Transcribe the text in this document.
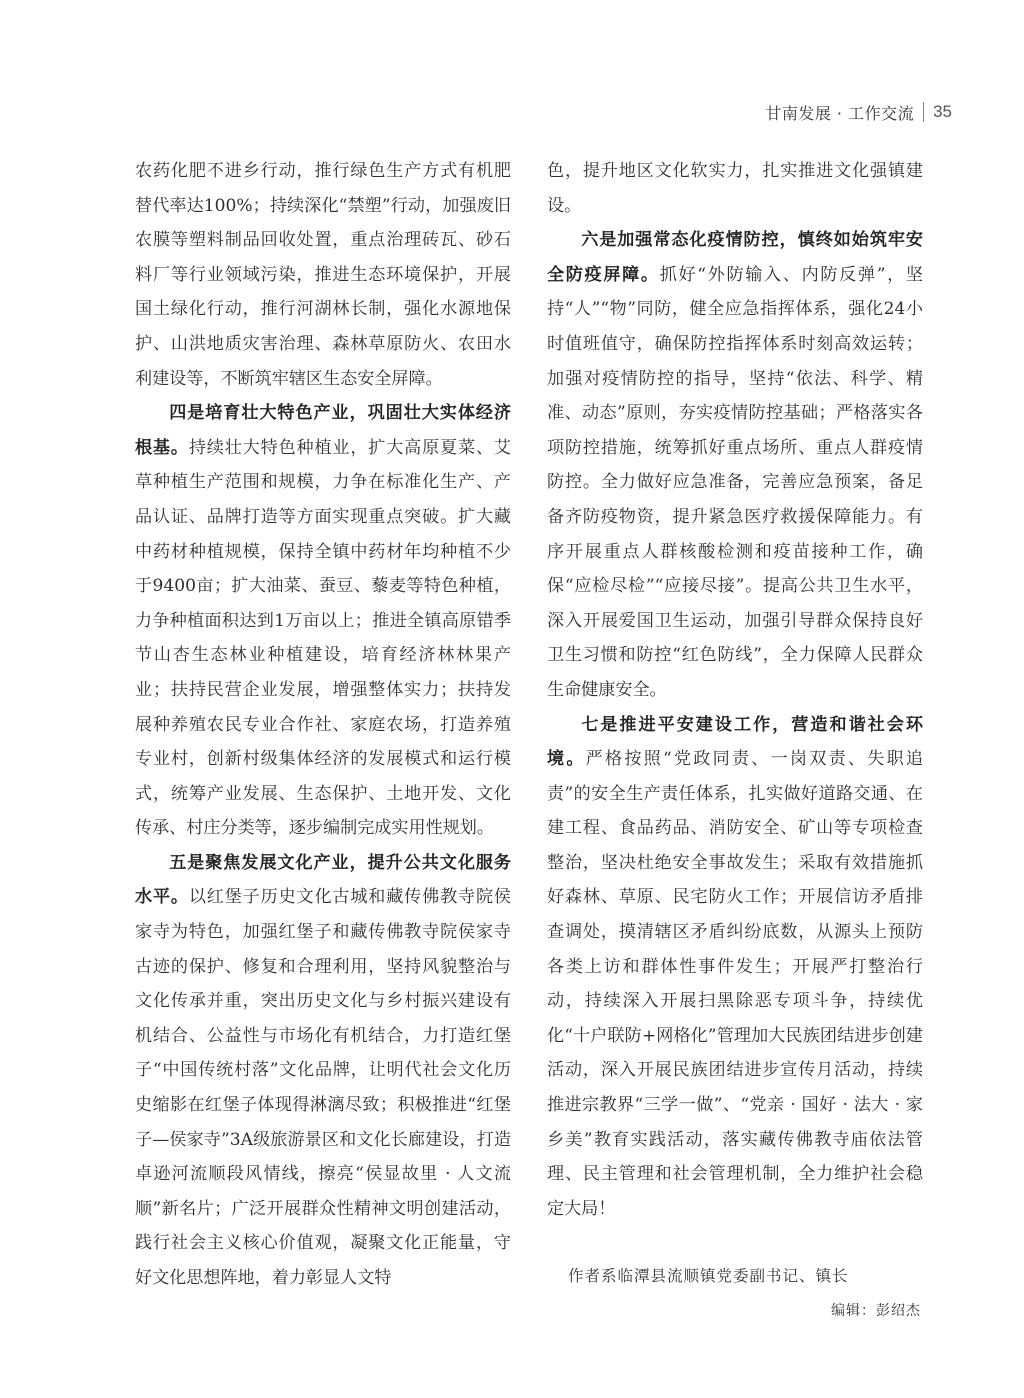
甘南发展 · 工作交流 35

农药化肥不进乡行动，推行绿色生产方式有机肥替代率达100%；持续深化“禁塑”行动，加强废旧农膜等塑料制品回收处置，重点治理砖瓦、砂石料厂等行业领域污染，推进生态环境保护，开展国土绿化行动，推行河湖林长制，强化水源地保护、山洪地质灾害治理、森林草原防火、农田水利建设等，不断筑牢辖区生态安全屏障。

四是培育壮大特色产业，巩固壮大实体经济根基。持续壮大特色种植业，扩大高原夏菜、艾草种植生产范围和规模，力争在标准化生产、产品认证、品牌打造等方面实现重点突破。扩大藏中药材种植规模，保持全镇中药材年均种植不少于9400亩；扩大油菜、蚕豆、藜麦等特色种植，力争种植面积达到1万亩以上；推进全镇高原错季节山杏生态林业种植建设，培育经济林林果产业；扶持民营企业发展，增强整体实力；扶持发展种养殖农民专业合作社、家庭农场，打造养殖专业村，创新村级集体经济的发展模式和运行模式，统筹产业发展、生态保护、土地开发、文化传承、村庄分类等，逐步编制完成实用性规划。

五是聚焦发展文化产业，提升公共文化服务水平。以红堡子历史文化古城和藏传佛教寺院侯家寺为特色，加强红堡子和藏传佛教寺院侯家寺古迹的保护、修复和合理利用，坚持风貌整治与文化传承并重，突出历史文化与乡村振兴建设有机结合、公益性与市场化有机结合，力打造红堡子“中国传统村落”文化品牌，让明代社会文化历史缩影在红堡子体现得淋漓尽致；积极推进“红堡子—侯家寺”3A级旅游景区和文化长廊建设，打造卓逊河流顺段风情线，擦亮“侯显故里 · 人文流顺”新名片；广泛开展群众性精神文明创建活动，践行社会主义核心价值观，凝聚文化正能量，守好文化思想阵地，着力彰显人文特

色，提升地区文化软实力，扎实推进文化强镇建设。

六是加强常态化疫情防控，慎终如始筑牢安全防疫屏障。抓好“外防输入、内防反弹”，坚持“人”“物”同防，健全应急指挥体系，强化24小时值班值守，确保防控指挥体系时刻高效运转；加强对疫情防控的指导，坚持“依法、科学、精准、动态”原则，夯实疫情防控基础；严格落实各项防控措施，统筹抓好重点场所、重点人群疫情防控。全力做好应急准备，完善应急预案，备足备齐防疫物资，提升紧急医疗救援保障能力。有序开展重点人群核酸检测和疫苗接种工作，确保“应检尽检”“应接尽接”。提高公共卫生水平，深入开展爱国卫生运动，加强引导群众保持良好卫生习惯和防控“红色防线”，全力保障人民群众生命健康安全。

七是推进平安建设工作，营造和谐社会环境。严格按照“党政同责、一岗双责、失职追责”的安全生产责任体系，扎实做好道路交通、在建工程、食品药品、消防安全、矿山等专项检查整治，坚决杜绝安全事故发生；采取有效措施抓好森林、草原、民宅防火工作；开展信访矛盾排查调处，摸清辖区矛盾纠纷底数，从源头上预防各类上访和群体性事件发生；开展严打整治行动，持续深入开展扫黑除恶专项斗争，持续优化“十户联防+网格化”管理加大民族团结进步创建活动，深入开展民族团结进步宣传月活动，持续推进宗教界“三学一做”、“党亲 · 国好 · 法大 · 家乡美”教育实践活动，落实藏传佛教寺庙依法管理、民主管理和社会管理机制，全力维护社会稳定大局！

作者系临潭县流顺镇党委副书记、镇长
编辑：彭绍杰
